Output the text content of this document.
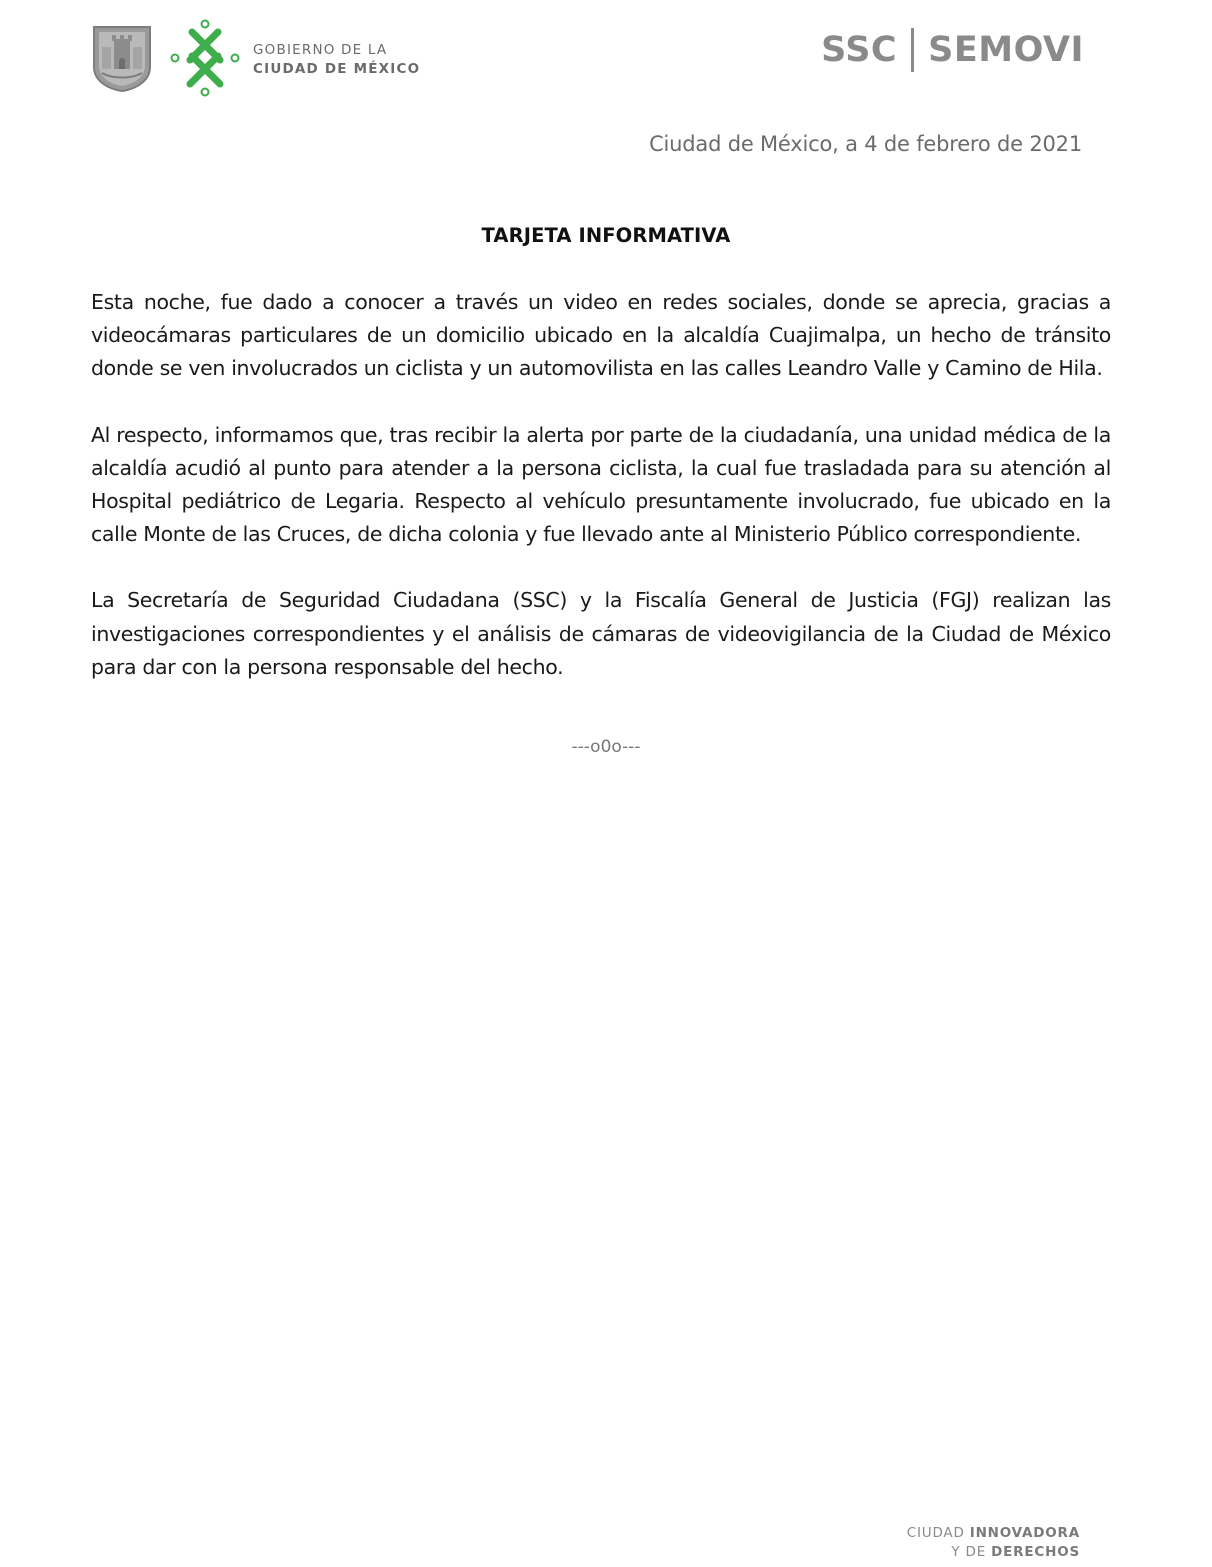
GOBIERNO DE LA
CIUDAD DE MÉXICO	SSC SEMOVI
Ciudad de México, a 4 de febrero de 2021
TARJETA INFORMATIVA

Esta noche, fue dado a conocer a través un video en redes sociales, donde se aprecia, gracias a videocámaras particulares de un domicilio ubicado en la alcaldía Cuajimalpa, un hecho de tránsito donde se ven involucrados un ciclista y un automovilista en las calles Leandro Valle y Camino de Hila.

Al respecto, informamos que, tras recibir la alerta por parte de la ciudadanía, una unidad médica de la alcaldía acudió al punto para atender a la persona ciclista, la cual fue trasladada para su atención al Hospital pediátrico de Legaria. Respecto al vehículo presuntamente involucrado, fue ubicado en la calle Monte de las Cruces, de dicha colonia y fue llevado ante al Ministerio Público correspondiente.

La Secretaría de Seguridad Ciudadana (SSC) y la Fiscalía General de Justicia (FGJ) realizan las investigaciones correspondientes y el análisis de cámaras de videovigilancia de la Ciudad de México para dar con la persona responsable del hecho.

---o0o---
CIUDAD INNOVADORA
Y DE DERECHOS
